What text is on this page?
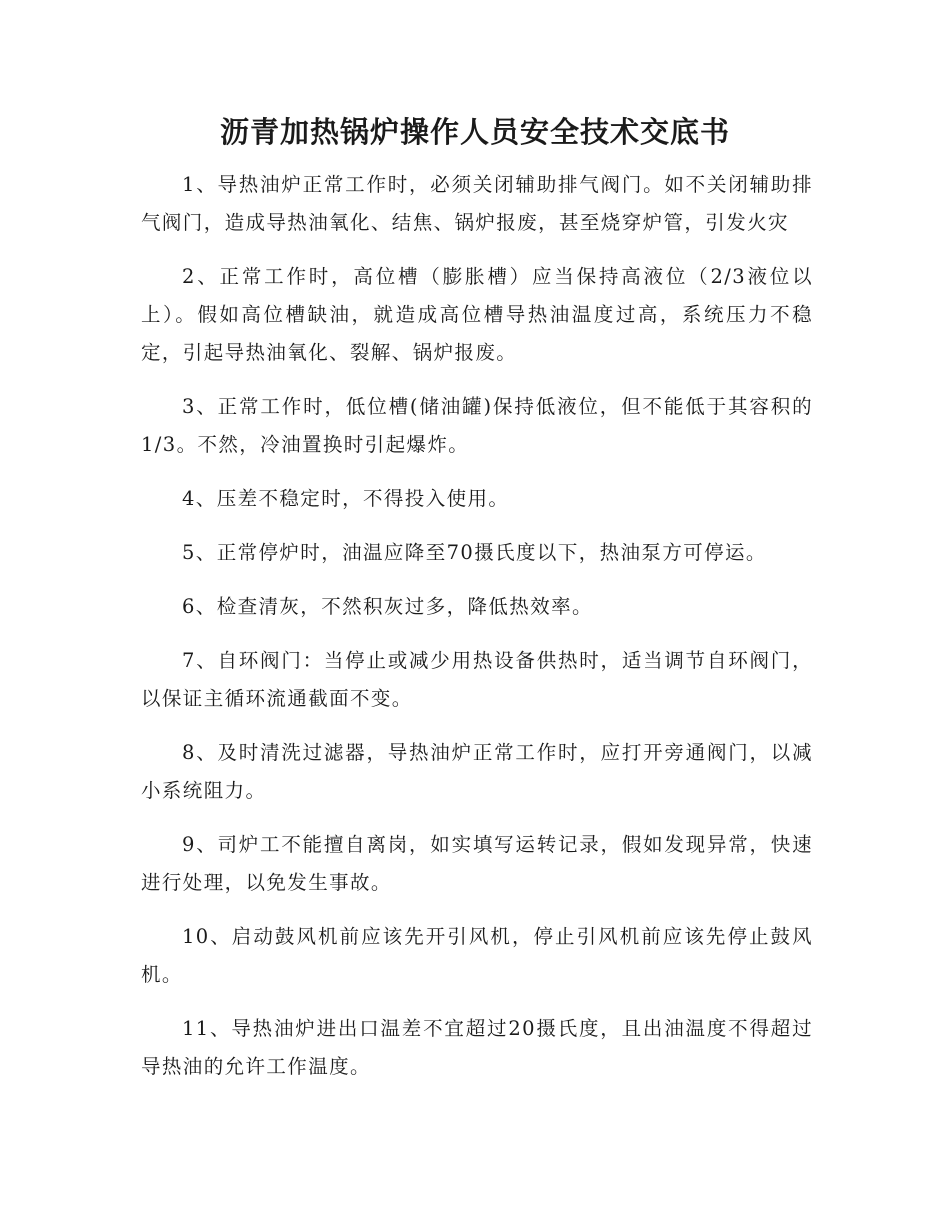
沥青加热锅炉操作人员安全技术交底书

1、导热油炉正常工作时，必须关闭辅助排气阀门。如不关闭辅助排气阀门，造成导热油氧化、结焦、锅炉报废，甚至烧穿炉管，引发火灾

2、正常工作时，高位槽（膨胀槽）应当保持高液位（2/3液位以上）。假如高位槽缺油，就造成高位槽导热油温度过高，系统压力不稳定，引起导热油氧化、裂解、锅炉报废。

3、正常工作时，低位槽(储油罐)保持低液位，但不能低于其容积的1/3。不然，冷油置换时引起爆炸。

4、压差不稳定时，不得投入使用。

5、正常停炉时，油温应降至70摄氏度以下，热油泵方可停运。

6、检查清灰，不然积灰过多，降低热效率。

7、自环阀门：当停止或减少用热设备供热时，适当调节自环阀门，以保证主循环流通截面不变。

8、及时清洗过滤器，导热油炉正常工作时，应打开旁通阀门，以减小系统阻力。

9、司炉工不能擅自离岗，如实填写运转记录，假如发现异常，快速进行处理，以免发生事故。

10、启动鼓风机前应该先开引风机，停止引风机前应该先停止鼓风机。

11、导热油炉进出口温差不宜超过20摄氏度，且出油温度不得超过导热油的允许工作温度。
